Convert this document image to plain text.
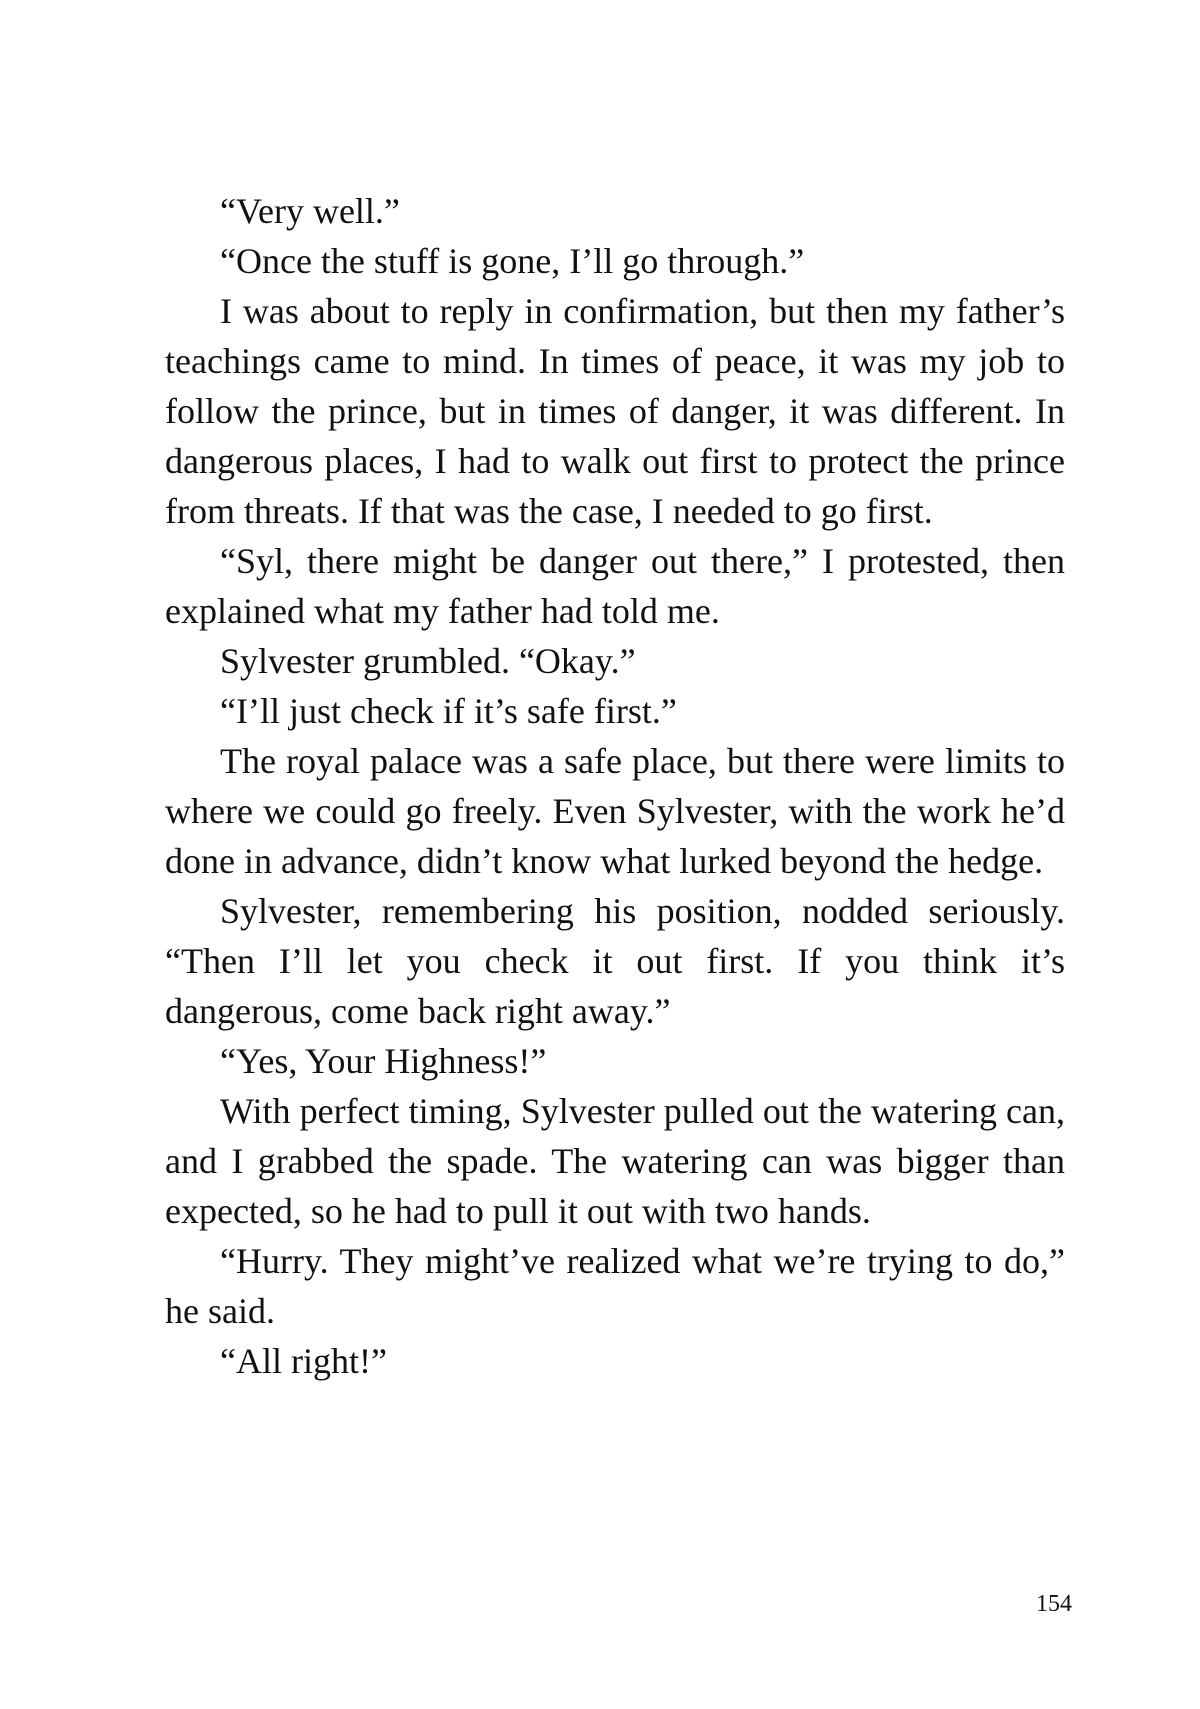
“Very well.”

“Once the stuff is gone, I’ll go through.”

I was about to reply in confirmation, but then my father’s teachings came to mind. In times of peace, it was my job to follow the prince, but in times of danger, it was different. In dangerous places, I had to walk out first to protect the prince from threats. If that was the case, I needed to go first.

“Syl, there might be danger out there,” I protested, then explained what my father had told me.

Sylvester grumbled. “Okay.”

“I’ll just check if it’s safe first.”

The royal palace was a safe place, but there were limits to where we could go freely. Even Sylvester, with the work he’d done in advance, didn’t know what lurked beyond the hedge.

Sylvester, remembering his position, nodded seriously. “Then I’ll let you check it out first. If you think it’s dangerous, come back right away.”

“Yes, Your Highness!”

With perfect timing, Sylvester pulled out the watering can, and I grabbed the spade. The watering can was bigger than expected, so he had to pull it out with two hands.

“Hurry. They might’ve realized what we’re trying to do,” he said.

“All right!”

154
